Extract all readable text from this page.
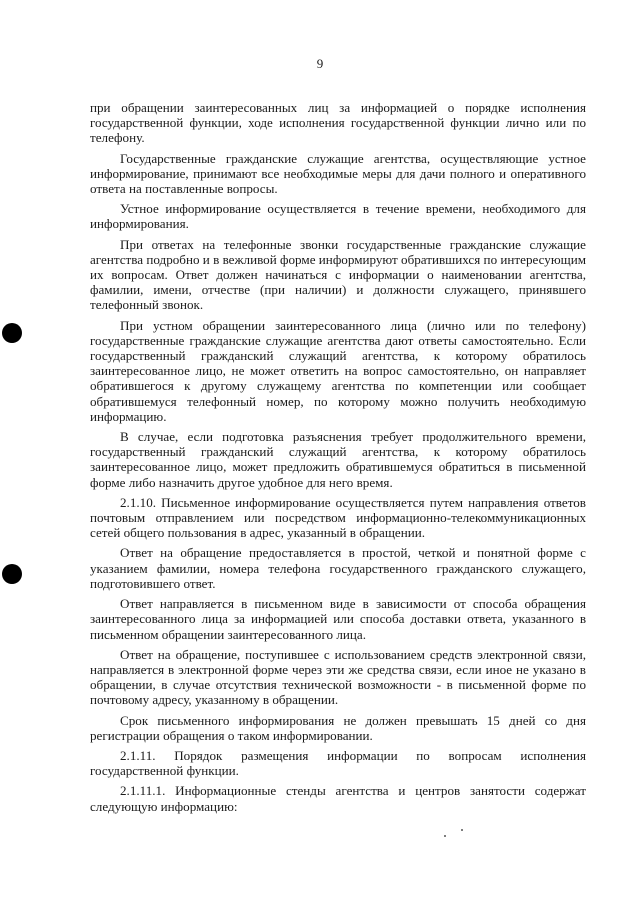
9

при обращении заинтересованных лиц за информацией о порядке исполнения государственной функции, ходе исполнения государственной функции лично или по телефону.

Государственные гражданские служащие агентства, осуществляющие устное информирование, принимают все необходимые меры для дачи полного и оперативного ответа на поставленные вопросы.

Устное информирование осуществляется в течение времени, необходимого для информирования.

При ответах на телефонные звонки государственные гражданские служащие агентства подробно и в вежливой форме информируют обратившихся по интересующим их вопросам. Ответ должен начинаться с информации о наименовании агентства, фамилии, имени, отчестве (при наличии) и должности служащего, принявшего телефонный звонок.

При устном обращении заинтересованного лица (лично или по телефону) государственные гражданские служащие агентства дают ответы самостоятельно. Если государственный гражданский служащий агентства, к которому обратилось заинтересованное лицо, не может ответить на вопрос самостоятельно, он направляет обратившегося к другому служащему агентства по компетенции или сообщает обратившемуся телефонный номер, по которому можно получить необходимую информацию.

В случае, если подготовка разъяснения требует продолжительного времени, государственный гражданский служащий агентства, к которому обратилось заинтересованное лицо, может предложить обратившемуся обратиться в письменной форме либо назначить другое удобное для него время.

2.1.10. Письменное информирование осуществляется путем направления ответов почтовым отправлением или посредством информационно-телекоммуникационных сетей общего пользования в адрес, указанный в обращении.

Ответ на обращение предоставляется в простой, четкой и понятной форме с указанием фамилии, номера телефона государственного гражданского служащего, подготовившего ответ.

Ответ направляется в письменном виде в зависимости от способа обращения заинтересованного лица за информацией или способа доставки ответа, указанного в письменном обращении заинтересованного лица.

Ответ на обращение, поступившее с использованием средств электронной связи, направляется в электронной форме через эти же средства связи, если иное не указано в обращении, в случае отсутствия технической возможности - в письменной форме по почтовому адресу, указанному в обращении.

Срок письменного информирования не должен превышать 15 дней со дня регистрации обращения о таком информировании.

2.1.11. Порядок размещения информации по вопросам исполнения государственной функции.

2.1.11.1. Информационные стенды агентства и центров занятости содержат следующую информацию:
